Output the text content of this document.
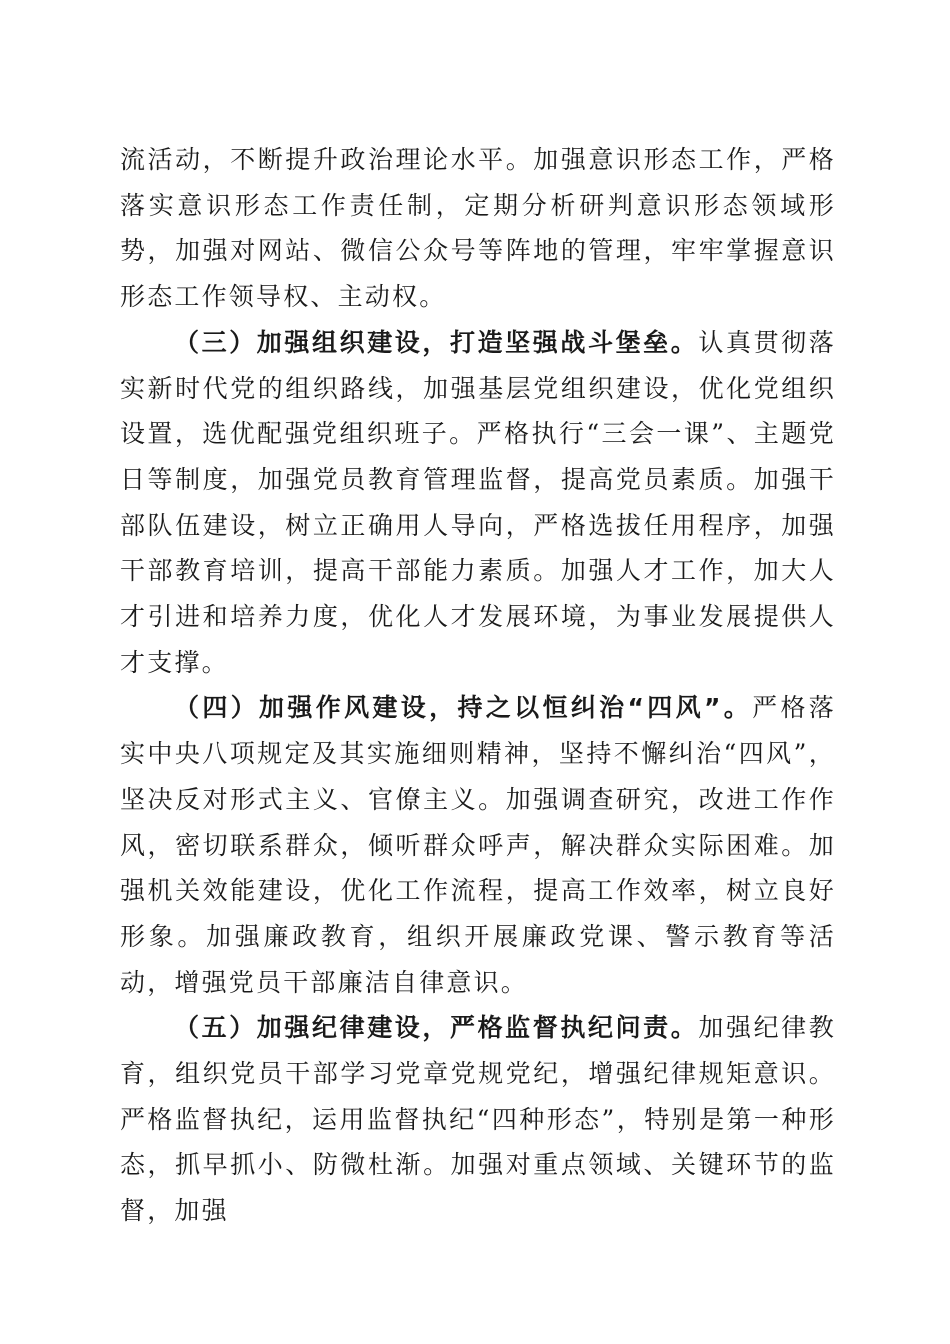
流活动，不断提升政治理论水平。加强意识形态工作，严格落实意识形态工作责任制，定期分析研判意识形态领域形势，加强对网站、微信公众号等阵地的管理，牢牢掌握意识形态工作领导权、主动权。

（三）加强组织建设，打造坚强战斗堡垒。认真贯彻落实新时代党的组织路线，加强基层党组织建设，优化党组织设置，选优配强党组织班子。严格执行“三会一课”、主题党日等制度，加强党员教育管理监督，提高党员素质。加强干部队伍建设，树立正确用人导向，严格选拔任用程序，加强干部教育培训，提高干部能力素质。加强人才工作，加大人才引进和培养力度，优化人才发展环境，为事业发展提供人才支撑。

（四）加强作风建设，持之以恒纠治“四风”。严格落实中央八项规定及其实施细则精神，坚持不懈纠治“四风”，坚决反对形式主义、官僚主义。加强调查研究，改进工作作风，密切联系群众，倾听群众呼声，解决群众实际困难。加强机关效能建设，优化工作流程，提高工作效率，树立良好形象。加强廉政教育，组织开展廉政党课、警示教育等活动，增强党员干部廉洁自律意识。

（五）加强纪律建设，严格监督执纪问责。加强纪律教育，组织党员干部学习党章党规党纪，增强纪律规矩意识。严格监督执纪，运用监督执纪“四种形态”，特别是第一种形态，抓早抓小、防微杜渐。加强对重点领域、关键环节的监督，加强
